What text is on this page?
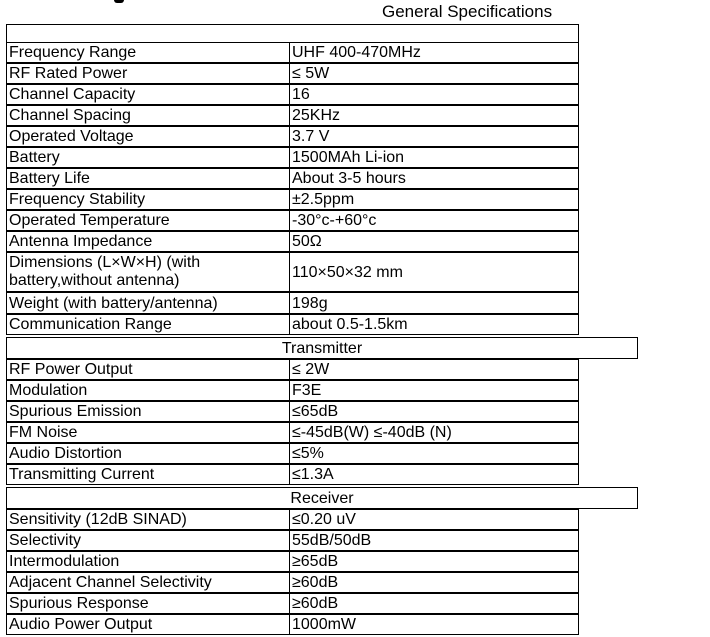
General Specifications
Frequency Range	UHF 400-470MHz
RF Rated Power	≤ 5W
Channel Capacity	16
Channel Spacing	25KHz
Operated Voltage	3.7 V
Battery	1500MAh Li-ion
Battery Life	About 3-5 hours
Frequency Stability	±2.5ppm
Operated Temperature	-30°c-+60°c
Antenna Impedance	50Ω
Dimensions (L×W×H) (with battery,without antenna)	110×50×32 mm
Weight (with battery/antenna)	198g
Communication Range	about 0.5-1.5km
Transmitter
RF Power Output	≤ 2W
Modulation	F3E
Spurious Emission	≤65dB
FM Noise	≤-45dB(W) ≤-40dB (N)
Audio Distortion	≤5%
Transmitting Current	≤1.3A
Receiver
Sensitivity (12dB SINAD)	≤0.20 uV
Selectivity	55dB/50dB
Intermodulation	≥65dB
Adjacent Channel Selectivity	≥60dB
Spurious Response	≥60dB
Audio Power Output	1000mW
